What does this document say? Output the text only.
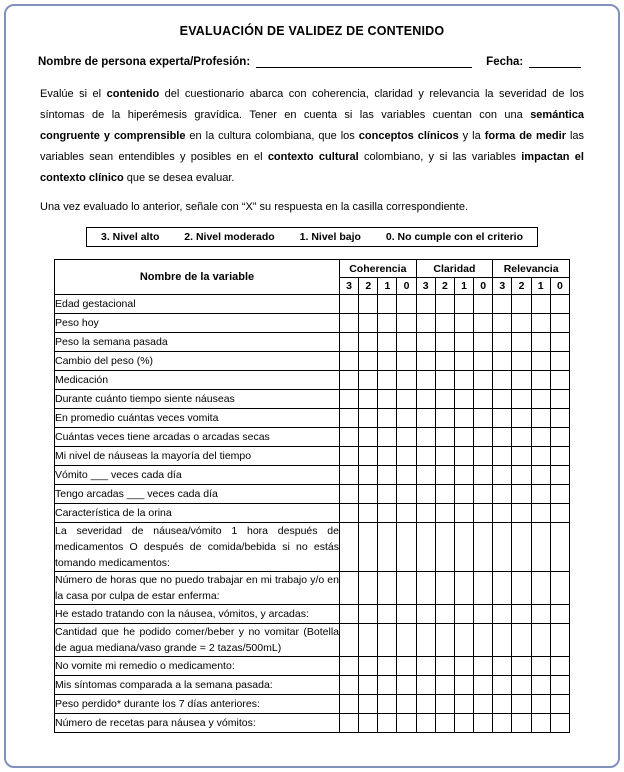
EVALUACIÓN DE VALIDEZ DE CONTENIDO
Nombre de persona experta/Profesión:	Fecha:

Evalúe si el contenido del cuestionario abarca con coherencia, claridad y relevancia la severidad de los síntomas de la hiperémesis gravídica. Tener en cuenta si las variables cuentan con una semántica congruente y comprensible en la cultura colombiana, que los conceptos clínicos y la forma de medir las variables sean entendibles y posibles en el contexto cultural colombiano, y si las variables impactan el contexto clínico que se desea evaluar.

Una vez evaluado lo anterior, señale con “X” su respuesta en la casilla correspondiente.

3. Nivel alto 2. Nivel moderado 1. Nivel bajo 0. No cumple con el criterio
Nombre de la variable	Coherencia				Claridad				Relevancia			
	3	2	1	0	3	2	1	0	3	2	1	0
Edad gestacional												
Peso hoy												
Peso la semana pasada												
Cambio del peso (%)												
Medicación												
Durante cuánto tiempo siente náuseas												
En promedio cuántas veces vomita												
Cuántas veces tiene arcadas o arcadas secas												
Mi nivel de náuseas la mayoría del tiempo												
Vómito ___ veces cada día												
Tengo arcadas ___ veces cada día												
Característica de la orina												
La severidad de náusea/vómito 1 hora después de medicamentos O después de comida/bebida si no estás tomando medicamentos:												
Número de horas que no puedo trabajar en mi trabajo y/o en la casa por culpa de estar enferma:												
He estado tratando con la náusea, vómitos, y arcadas:												
Cantidad que he podido comer/beber y no vomitar (Botella de agua mediana/vaso grande = 2 tazas/500mL)												
No vomite mi remedio o medicamento:												
Mis síntomas comparada a la semana pasada:												
Peso perdido* durante los 7 días anteriores:												
Número de recetas para náusea y vómitos:												
